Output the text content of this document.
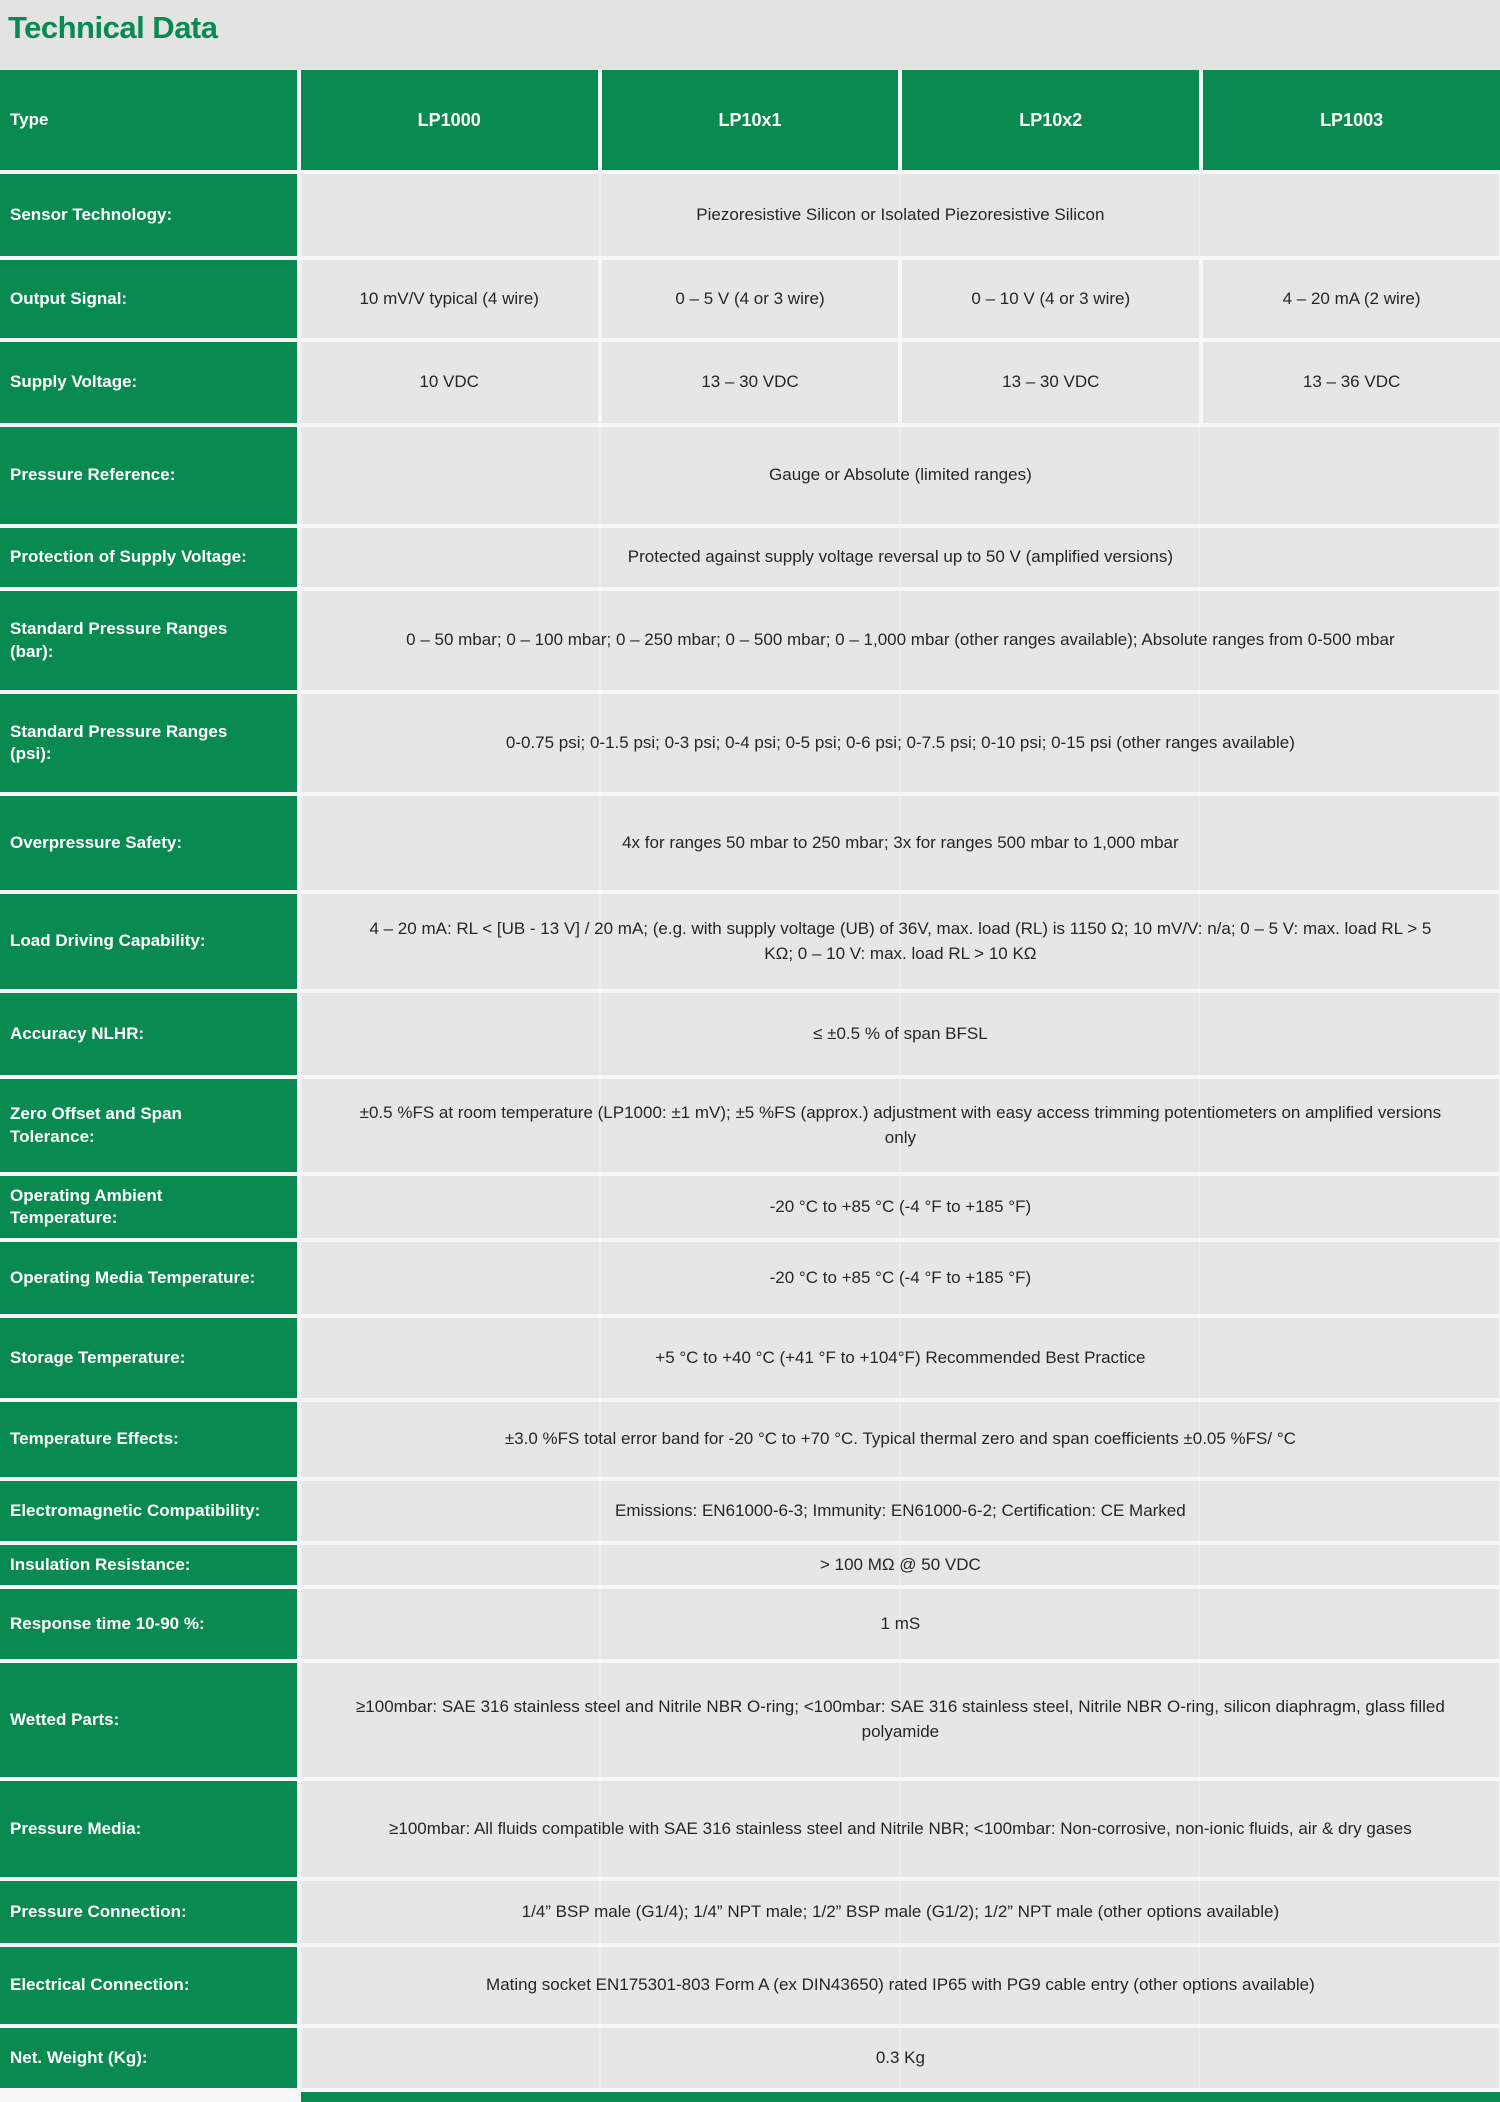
Technical Data
Type	LP1000	LP10x1	LP10x2	LP1003
Sensor Technology:	Piezoresistive Silicon or Isolated Piezoresistive Silicon
Output Signal:	10 mV/V typical (4 wire)	0 – 5 V (4 or 3 wire)	0 – 10 V (4 or 3 wire)	4 – 20 mA (2 wire)
Supply Voltage:	10 VDC	13 – 30 VDC	13 – 30 VDC	13 – 36 VDC
Pressure Reference:	Gauge or Absolute (limited ranges)
Protection of Supply Voltage:	Protected against supply voltage reversal up to 50 V (amplified versions)
Standard Pressure Ranges (bar):
0 – 50 mbar; 0 – 100 mbar; 0 – 250 mbar; 0 – 500 mbar; 0 – 1,000 mbar (other ranges available); Absolute ranges from 0-500 mbar
Standard Pressure Ranges (psi):
0-0.75 psi; 0-1.5 psi; 0-3 psi; 0-4 psi; 0-5 psi; 0-6 psi; 0-7.5 psi; 0-10 psi; 0-15 psi (other ranges available)
Overpressure Safety:	4x for ranges 50 mbar to 250 mbar; 3x for ranges 500 mbar to 1,000 mbar
Load Driving Capability:
4 – 20 mA: RL < [UB - 13 V] / 20 mA; (e.g. with supply voltage (UB) of 36V, max. load (RL) is 1150 Ω; 10 mV/V: n/a; 0 – 5 V: max. load RL > 5 KΩ; 0 – 10 V: max. load RL > 10 KΩ
Accuracy NLHR:	≤ ±0.5 % of span BFSL
Zero Offset and Span Tolerance:
±0.5 %FS at room temperature (LP1000: ±1 mV); ±5 %FS (approx.) adjustment with easy access trimming potentiometers on amplified versions only
Operating Ambient Temperature:
-20 °C to +85 °C (-4 °F to +185 °F)
Operating Media Temperature:	-20 °C to +85 °C (-4 °F to +185 °F)
Storage Temperature:	+5 °C to +40 °C (+41 °F to +104°F) Recommended Best Practice
Temperature Effects:	±3.0 %FS total error band for -20 °C to +70 °C. Typical thermal zero and span coefficients ±0.05 %FS/ °C
Electromagnetic Compatibility:	Emissions: EN61000-6-3; Immunity: EN61000-6-2; Certification: CE Marked
Insulation Resistance:	> 100 MΩ @ 50 VDC
Response time 10-90 %:	1 mS
Wetted Parts:
≥100mbar: SAE 316 stainless steel and Nitrile NBR O-ring; <100mbar: SAE 316 stainless steel, Nitrile NBR O-ring, silicon diaphragm, glass filled polyamide
Pressure Media:	≥100mbar: All fluids compatible with SAE 316 stainless steel and Nitrile NBR; <100mbar: Non-corrosive, non-ionic fluids, air & dry gases
Pressure Connection:	1/4” BSP male (G1/4); 1/4” NPT male; 1/2” BSP male (G1/2); 1/2” NPT male (other options available)
Electrical Connection:	Mating socket EN175301-803 Form A (ex DIN43650) rated IP65 with PG9 cable entry (other options available)
Net. Weight (Kg):	0.3 Kg
